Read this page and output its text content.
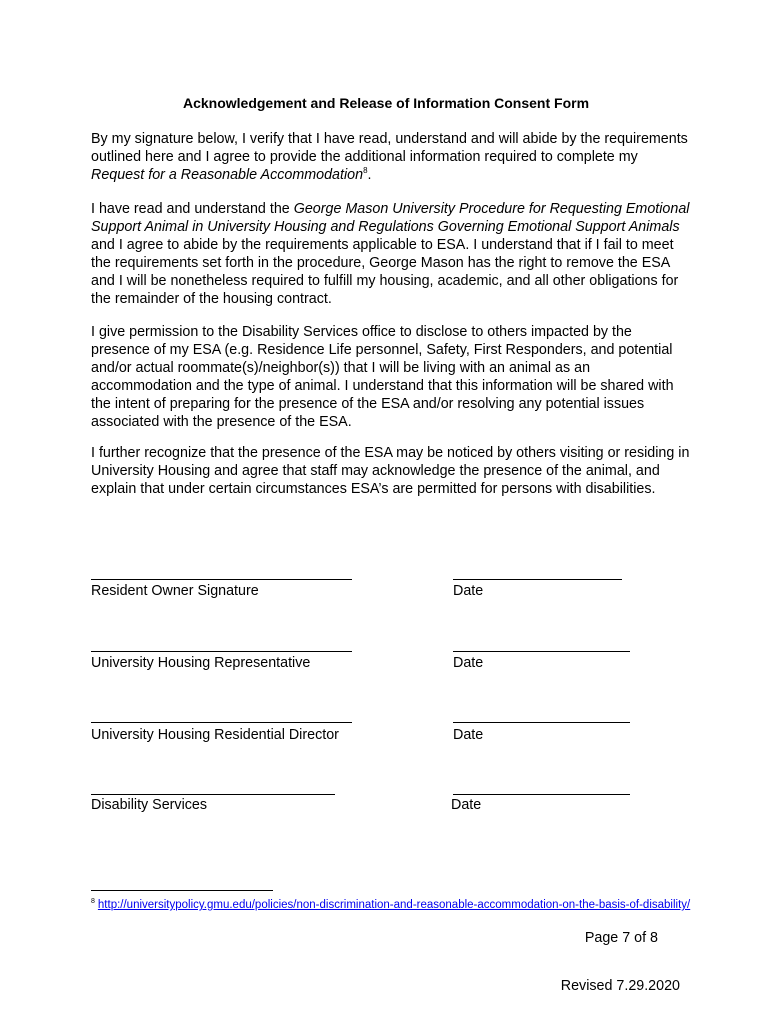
Acknowledgement and Release of Information Consent Form
By my signature below, I verify that I have read, understand and will abide by the requirements outlined here and I agree to provide the additional information required to complete my Request for a Reasonable Accommodation$^8$.
I have read and understand the George Mason University Procedure for Requesting Emotional Support Animal in University Housing and Regulations Governing Emotional Support Animals and I agree to abide by the requirements applicable to ESA. I understand that if I fail to meet the requirements set forth in the procedure, George Mason has the right to remove the ESA and I will be nonetheless required to fulfill my housing, academic, and all other obligations for the remainder of the housing contract.
I give permission to the Disability Services office to disclose to others impacted by the presence of my ESA (e.g. Residence Life personnel, Safety, First Responders, and potential and/or actual roommate(s)/neighbor(s)) that I will be living with an animal as an accommodation and the type of animal. I understand that this information will be shared with the intent of preparing for the presence of the ESA and/or resolving any potential issues associated with the presence of the ESA.
I further recognize that the presence of the ESA may be noticed by others visiting or residing in University Housing and agree that staff may acknowledge the presence of the animal, and explain that under certain circumstances ESA’s are permitted for persons with disabilities.
Resident Owner Signature	Date
University Housing Representative	Date
University Housing Residential Director	Date
Disability Services	Date
$^8$ http://universitypolicy.gmu.edu/policies/non-discrimination-and-reasonable-accommodation-on-the-basis-of-disability/
Page 7 of 8
Revised 7.29.2020
